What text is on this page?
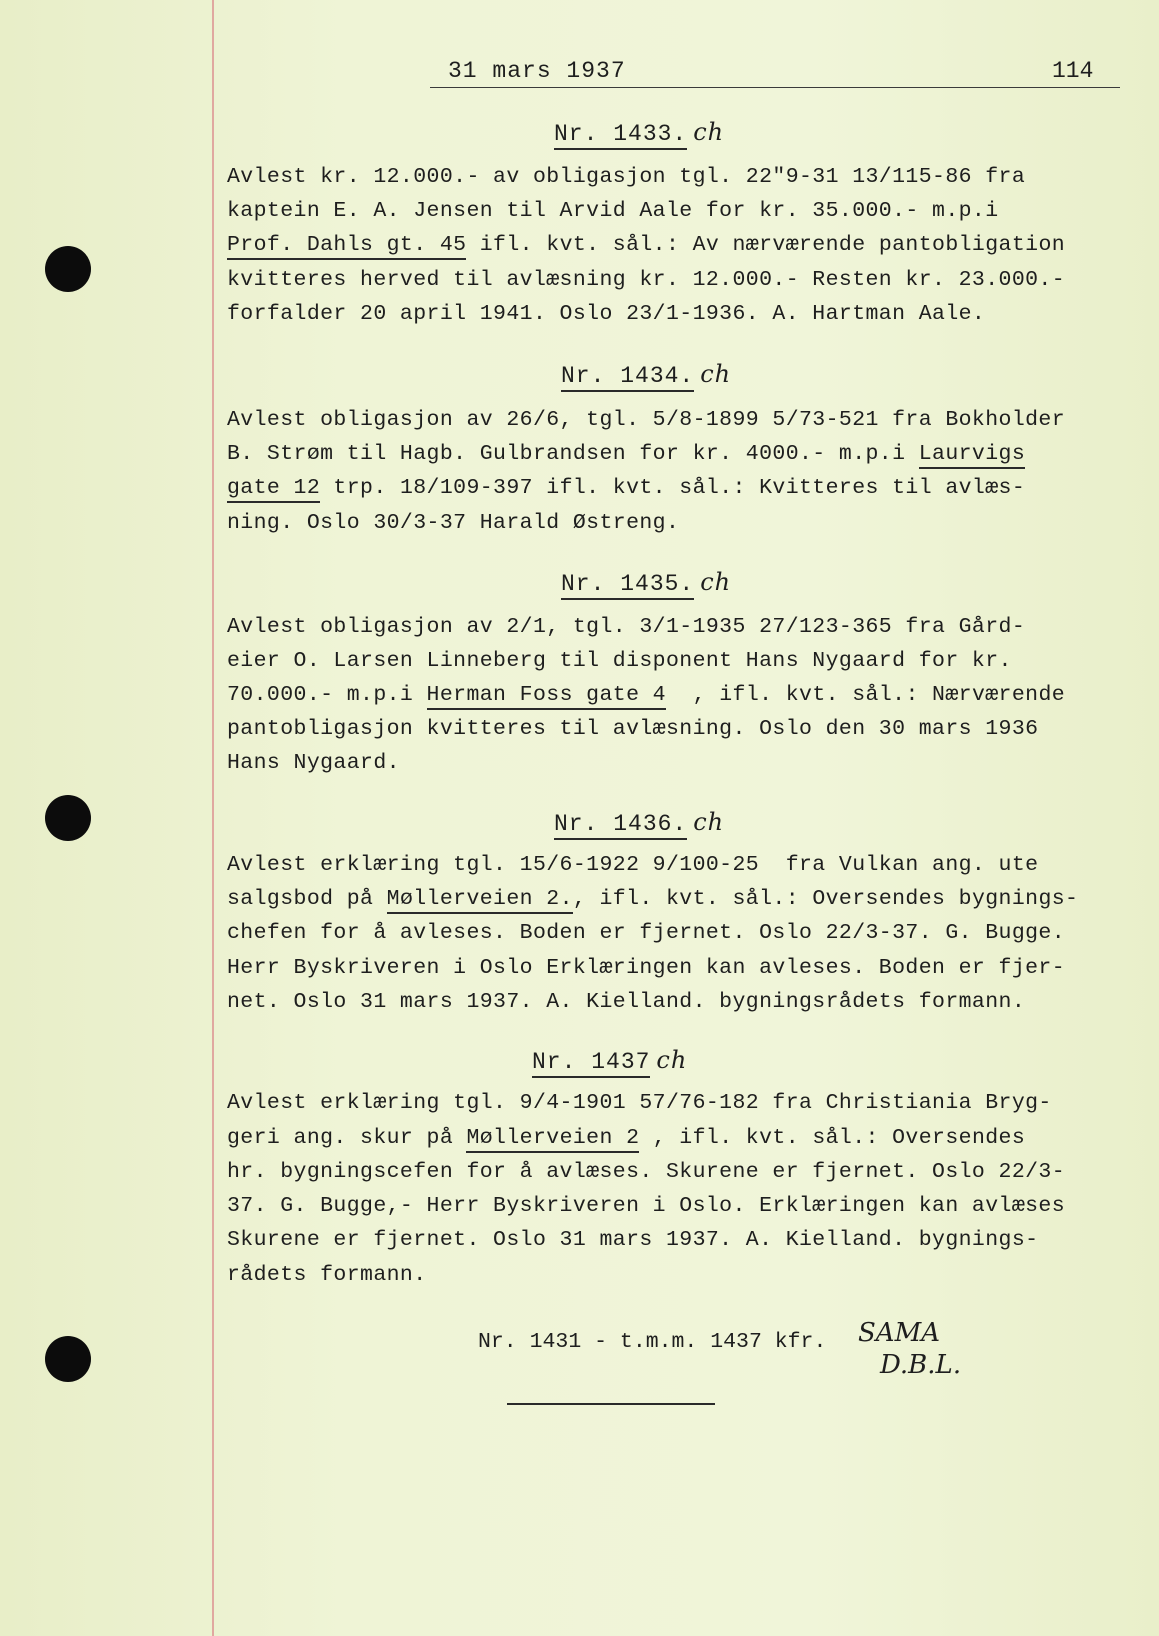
31 mars 1937	114
Nr. 1433. ch
Avlest kr. 12.000.- av obligasjon tgl. 22"9-31 13/115-86 fra
kaptein E. A. Jensen til Arvid Aale for kr. 35.000.- m.p.i
Prof. Dahls gt. 45 ifl. kvt. sål.: Av nærværende pantobligation
kvitteres herved til avlæsning kr. 12.000.- Resten kr. 23.000.-
forfalder 20 april 1941. Oslo 23/1-1936. A. Hartman Aale.
Nr. 1434. ch
Avlest obligasjon av 26/6, tgl. 5/8-1899 5/73-521 fra Bokholder
B. Strøm til Hagb. Gulbrandsen for kr. 4000.- m.p.i Laurvigs
gate 12 trp. 18/109-397 ifl. kvt. sål.: Kvitteres til avlæs-
ning. Oslo 30/3-37 Harald Østreng.
Nr. 1435. ch
Avlest obligasjon av 2/1, tgl. 3/1-1935 27/123-365 fra Gård-
eier O. Larsen Linneberg til disponent Hans Nygaard for kr.
70.000.- m.p.i Herman Foss gate 4  , ifl. kvt. sål.: Nærværende
pantobligasjon kvitteres til avlæsning. Oslo den 30 mars 1936
Hans Nygaard.
Nr. 1436. ch
Avlest erklæring tgl. 15/6-1922 9/100-25  fra Vulkan ang. ute
salgsbod på Møllerveien 2., ifl. kvt. sål.: Oversendes bygnings-
chefen for å avleses. Boden er fjernet. Oslo 22/3-37. G. Bugge.
Herr Byskriveren i Oslo Erklæringen kan avleses. Boden er fjer-
net. Oslo 31 mars 1937. A. Kielland. bygningsrådets formann.
Nr. 1437 ch
Avlest erklæring tgl. 9/4-1901 57/76-182 fra Christiania Bryg-
geri ang. skur på Møllerveien 2 , ifl. kvt. sål.: Oversendes
hr. bygningscefen for å avlæses. Skurene er fjernet. Oslo 22/3-
37. G. Bugge,- Herr Byskriveren i Oslo. Erklæringen kan avlæses
Skurene er fjernet. Oslo 31 mars 1937. A. Kielland. bygnings-
rådets formann.
Nr. 1431 - t.m.m. 1437 kfr. SAMA
D.B.L.
